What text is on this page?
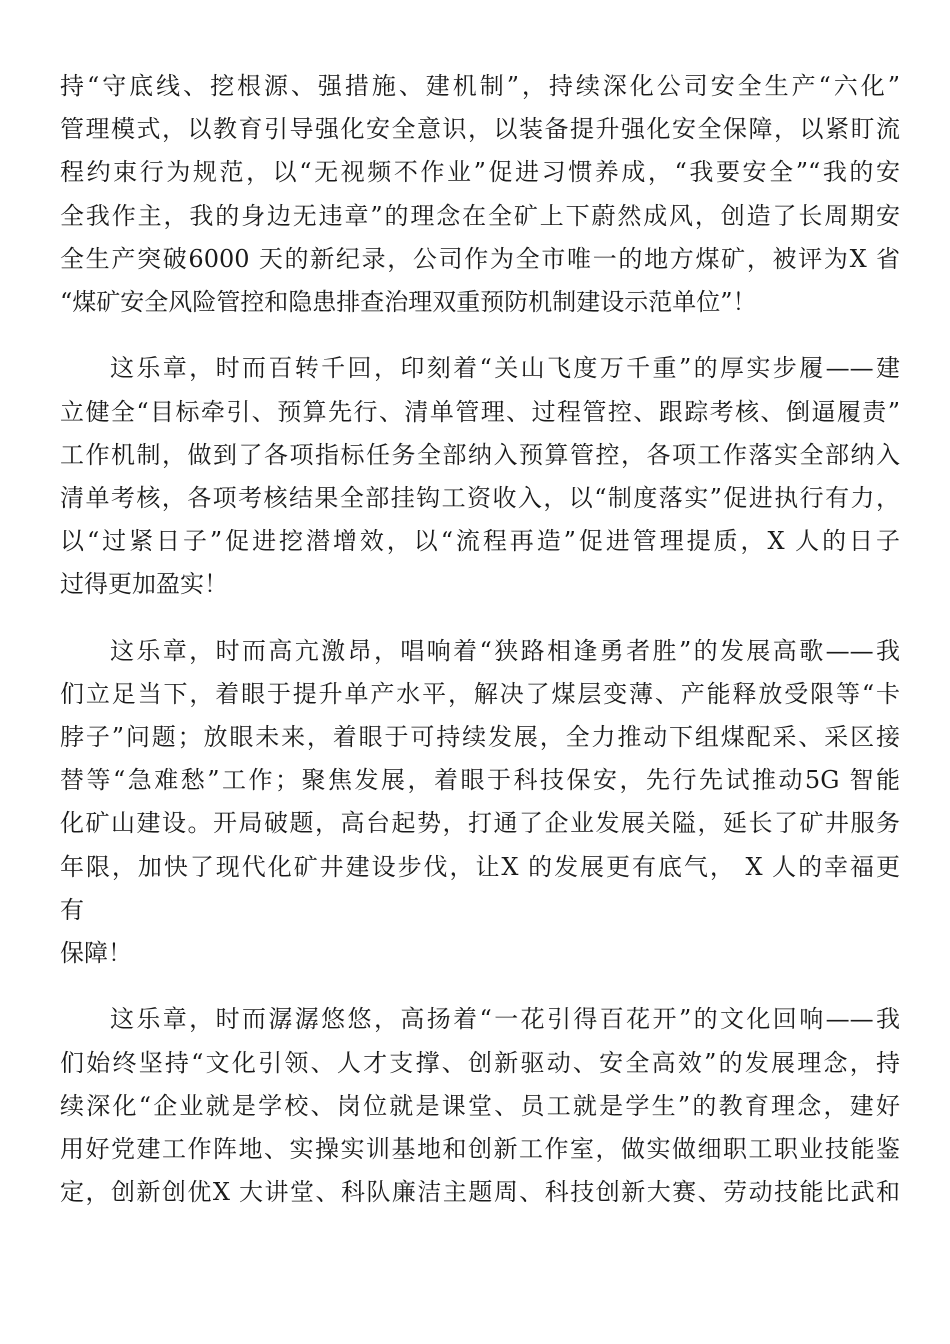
持“守底线、挖根源、强措施、建机制”，持续深化公司安全生产“六化”
管理模式，以教育引导强化安全意识，以装备提升强化安全保障，以紧盯流
程约束行为规范，以“无视频不作业”促进习惯养成，“我要安全”“我的安
全我作主，我的身边无违章”的理念在全矿上下蔚然成风，创造了长周期安
全生产突破6000 天的新纪录，公司作为全市唯一的地方煤矿，被评为X 省
“煤矿安全风险管控和隐患排查治理双重预防机制建设示范单位”！
这乐章，时而百转千回，印刻着“关山飞度万千重”的厚实步履——建
立健全“目标牵引、预算先行、清单管理、过程管控、跟踪考核、倒逼履责”
工作机制，做到了各项指标任务全部纳入预算管控，各项工作落实全部纳入
清单考核，各项考核结果全部挂钩工资收入，以“制度落实”促进执行有力，
以“过紧日子”促进挖潜增效，以“流程再造”促进管理提质，X 人的日子
过得更加盈实！
这乐章，时而高亢激昂，唱响着“狭路相逢勇者胜”的发展高歌——我
们立足当下，着眼于提升单产水平，解决了煤层变薄、产能释放受限等“卡
脖子”问题；放眼未来，着眼于可持续发展，全力推动下组煤配采、采区接
替等“急难愁”工作；聚焦发展，着眼于科技保安，先行先试推动5G 智能
化矿山建设。开局破题，高台起势，打通了企业发展关隘，延长了矿井服务
年限，加快了现代化矿井建设步伐，让X 的发展更有底气， X 人的幸福更
有
保障！
这乐章，时而潺潺悠悠，高扬着“一花引得百花开”的文化回响——我
们始终坚持“文化引领、人才支撑、创新驱动、安全高效”的发展理念，持
续深化“企业就是学校、岗位就是课堂、员工就是学生”的教育理念，建好
用好党建工作阵地、实操实训基地和创新工作室，做实做细职工职业技能鉴
定，创新创优X 大讲堂、科队廉洁主题周、科技创新大赛、劳动技能比武和
